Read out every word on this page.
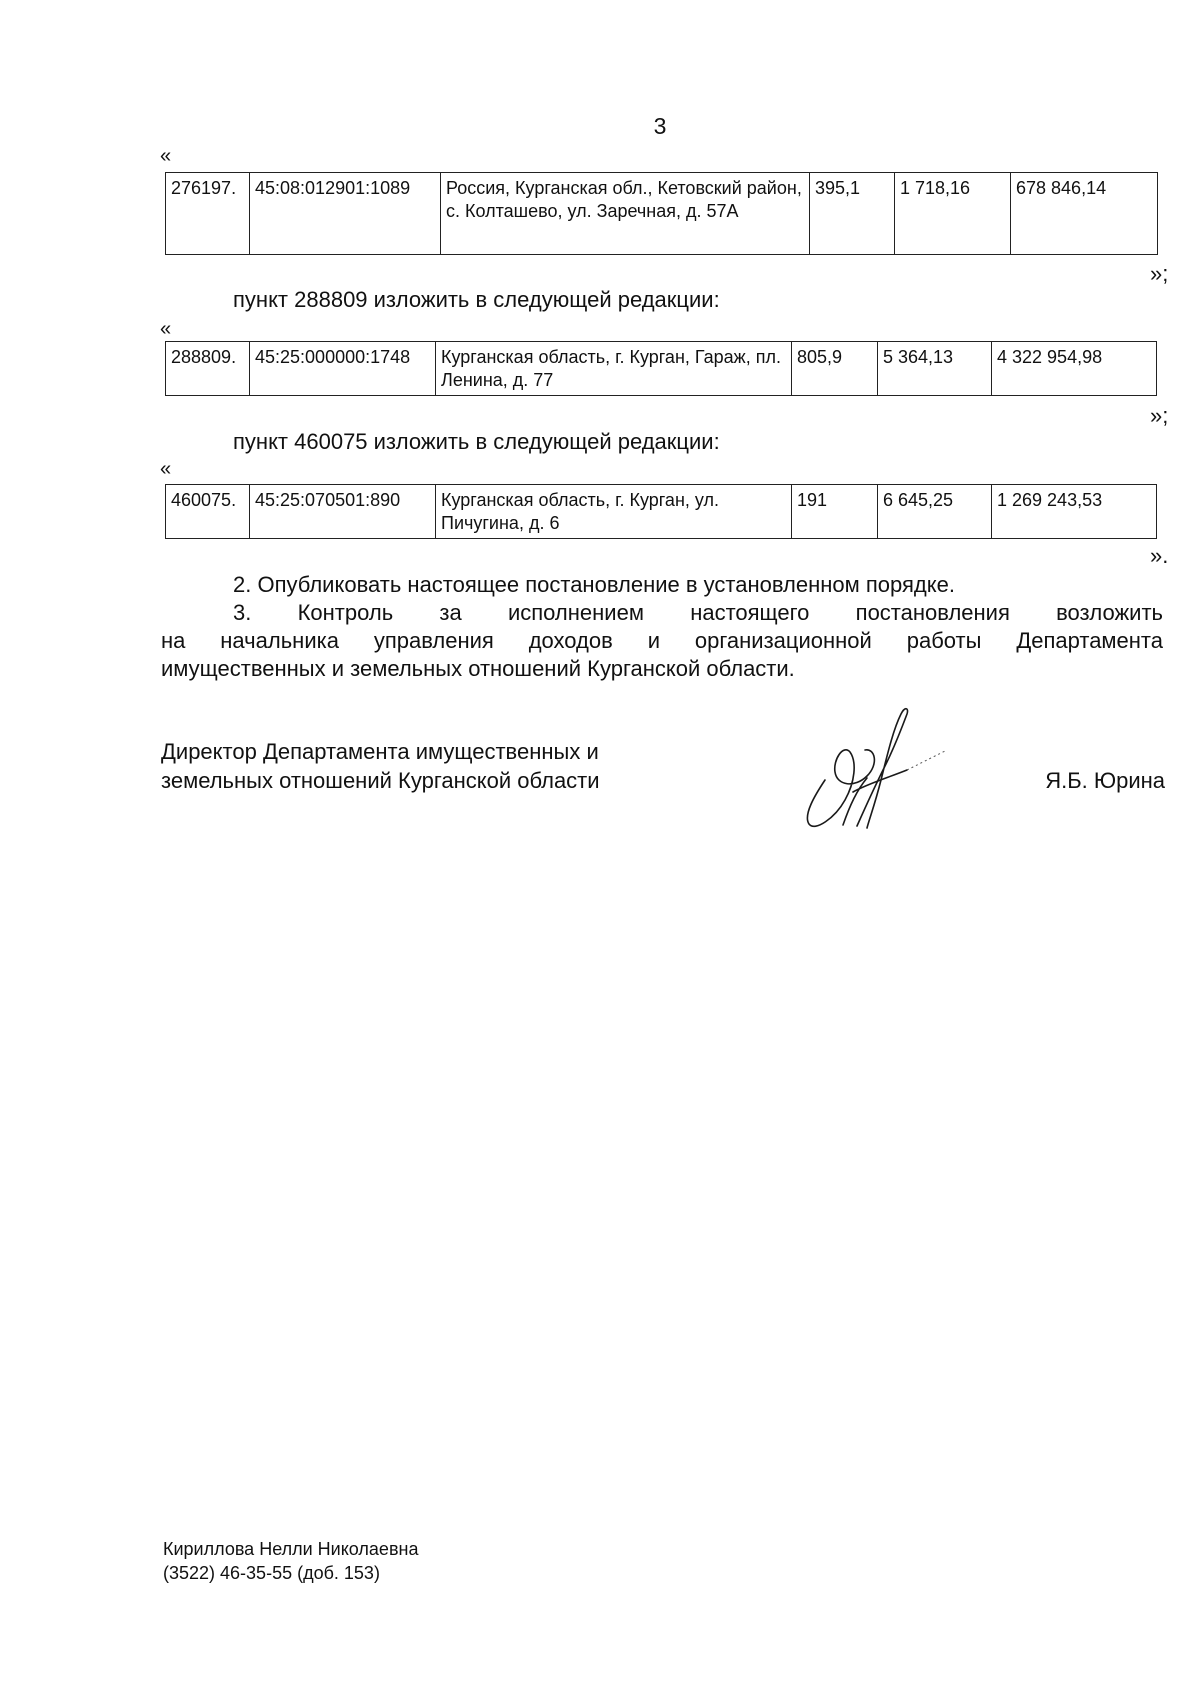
3
«
276197.	45:08:012901:1089	Россия, Курганская обл., Кетовский район, с. Колташево, ул. Заречная, д. 57А	395,1	1 718,16	678 846,14
»;
пункт 288809 изложить в следующей редакции:
«
288809.	45:25:000000:1748	Курганская область, г. Курган, Гараж, пл. Ленина, д. 77	805,9	5 364,13	4 322 954,98
»;
пункт 460075 изложить в следующей редакции:
«
460075.	45:25:070501:890	Курганская область, г. Курган, ул. Пичугина, д. 6	191	6 645,25	1 269 243,53
».
2. Опубликовать настоящее постановление в установленном порядке.
3. Контроль за исполнением настоящего постановления возложить
на начальника управления доходов и организационной работы Департамента
имущественных и земельных отношений Курганской области.
Директор Департамента имущественных и
земельных отношений Курганской области	Я.Б. Юрина
Кириллова Нелли Николаевна
(3522) 46-35-55 (доб. 153)
